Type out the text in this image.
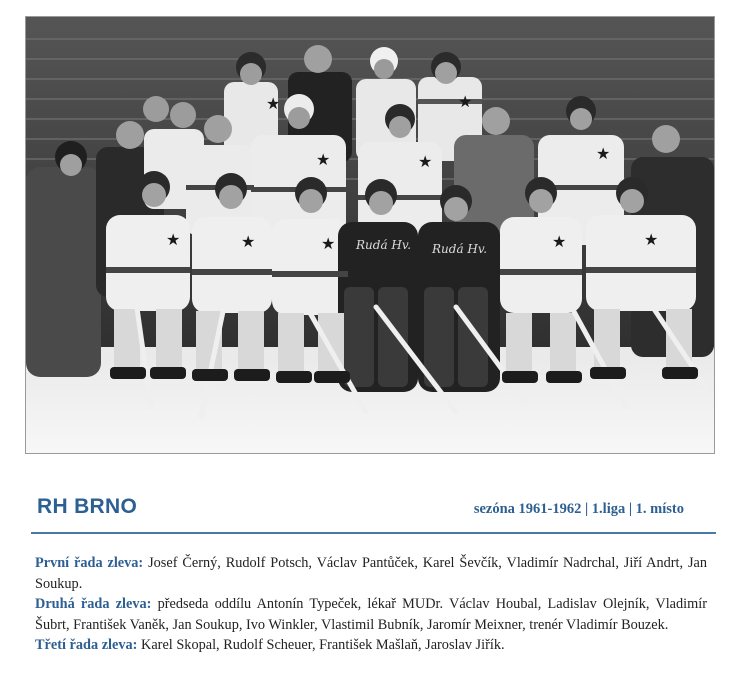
★	★	★	★	★
★	★	★
★	★
Rudá Hv. Rudá Hv.
RH BRNO	sezóna 1961-1962 | 1.liga | 1. místo

První řada zleva: Josef Černý, Rudolf Potsch, Václav Pantůček, Karel Ševčík, Vladimír Nadrchal, Jiří Andrt, Jan Soukup.

Druhá řada zleva: předseda oddílu Antonín Typeček, lékař MUDr. Václav Houbal, Ladislav Olejník, Vladimír Šubrt, František Vaněk, Jan Soukup, Ivo Winkler, Vlastimil Bubník, Jaromír Meixner, trenér Vladimír Bouzek.

Třetí řada zleva: Karel Skopal, Rudolf Scheuer, František Mašlaň, Jaroslav Jiřík.
